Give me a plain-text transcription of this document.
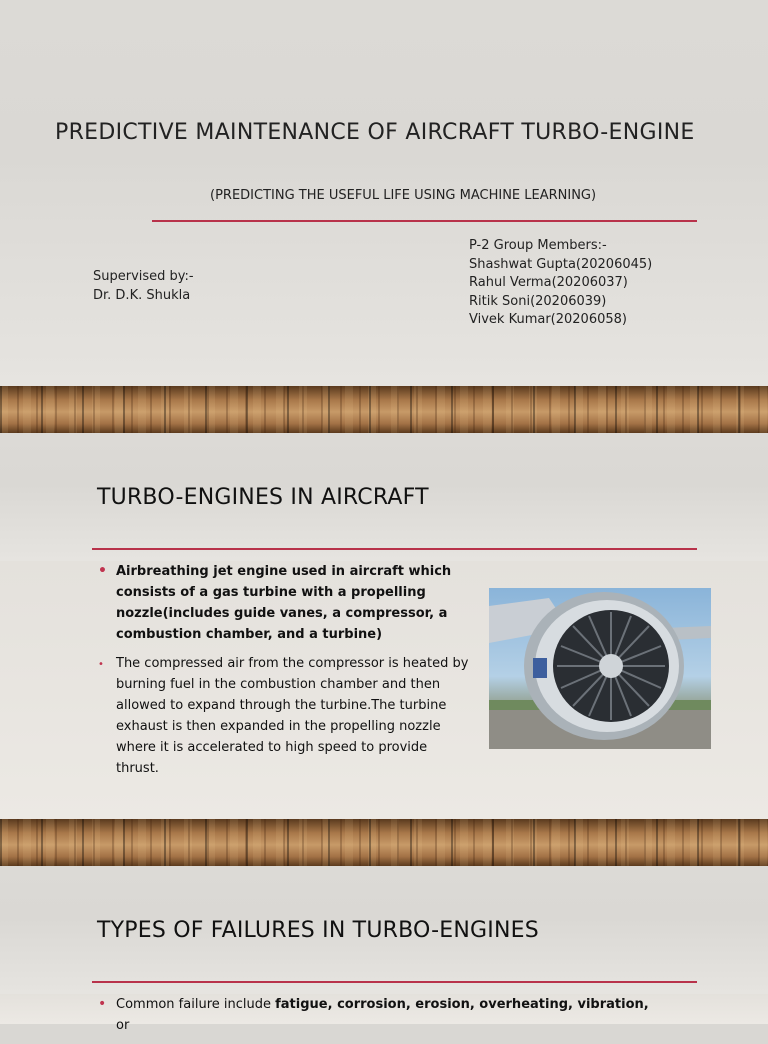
PREDICTIVE MAINTENANCE OF AIRCRAFT TURBO-ENGINE
(PREDICTING THE USEFUL LIFE USING MACHINE LEARNING)
P-2 Group Members:-
Shashwat Gupta(20206045)
Rahul Verma(20206037)
Ritik Soni(20206039)
Vivek Kumar(20206058)
Supervised by:-
Dr. D.K. Shukla
TURBO-ENGINES IN AIRCRAFT
• Airbreathing jet engine used in aircraft which consists of a gas turbine with a propelling nozzle(includes guide vanes, a compressor, a combustion chamber, and a turbine)
• The compressed air from the compressor is heated by burning fuel in the combustion chamber and then allowed to expand through the turbine.The turbine exhaust is then expanded in the propelling nozzle where it is accelerated to high speed to provide thrust.
TYPES OF FAILURES IN TURBO-ENGINES
• Common failure include fatigue, corrosion, erosion, overheating, vibration, or
